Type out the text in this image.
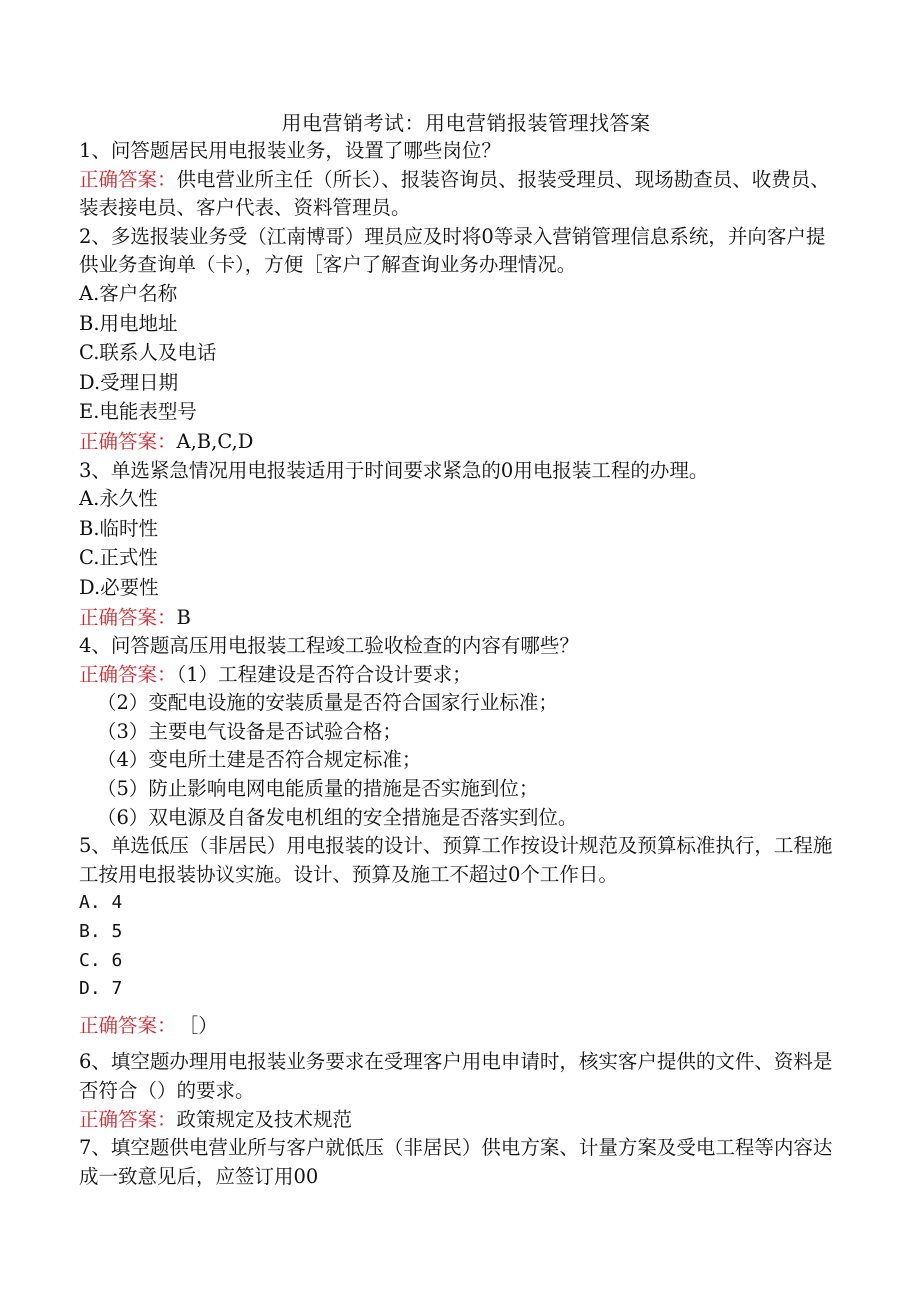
用电营销考试：用电营销报装管理找答案

1、问答题居民用电报装业务，设置了哪些岗位？

正确答案：供电营业所主任（所长）、报装咨询员、报装受理员、现场勘查员、收费员、装表接电员、客户代表、资料管理员。

2、多选报装业务受（江南博哥）理员应及时将0等录入营销管理信息系统，并向客户提供业务查询单（卡），方便［客户了解查询业务办理情况。

A.客户名称

B.用电地址

C.联系人及电话

D.受理日期

E.电能表型号

正确答案：A,B,C,D

3、单选紧急情况用电报装适用于时间要求紧急的0用电报装工程的办理。

A.永久性

B.临时性

C.正式性

D.必要性

正确答案：B

4、问答题高压用电报装工程竣工验收检查的内容有哪些？

正确答案：（1）工程建设是否符合设计要求；

（2）变配电设施的安装质量是否符合国家行业标准；

（3）主要电气设备是否试验合格；

（4）变电所土建是否符合规定标准；

（5）防止影响电网电能质量的措施是否实施到位；

（6）双电源及自备发电机组的安全措施是否落实到位。

5、单选低压（非居民）用电报装的设计、预算工作按设计规范及预算标准执行，工程施工按用电报装协议实施。设计、预算及施工不超过0个工作日。

A. 4

B. 5

C. 6

D. 7

正确答案： ［）

6、填空题办理用电报装业务要求在受理客户用电申请时，核实客户提供的文件、资料是否符合（）的要求。

正确答案：政策规定及技术规范

7、填空题供电营业所与客户就低压（非居民）供电方案、计量方案及受电工程等内容达成一致意见后，应签订用00
